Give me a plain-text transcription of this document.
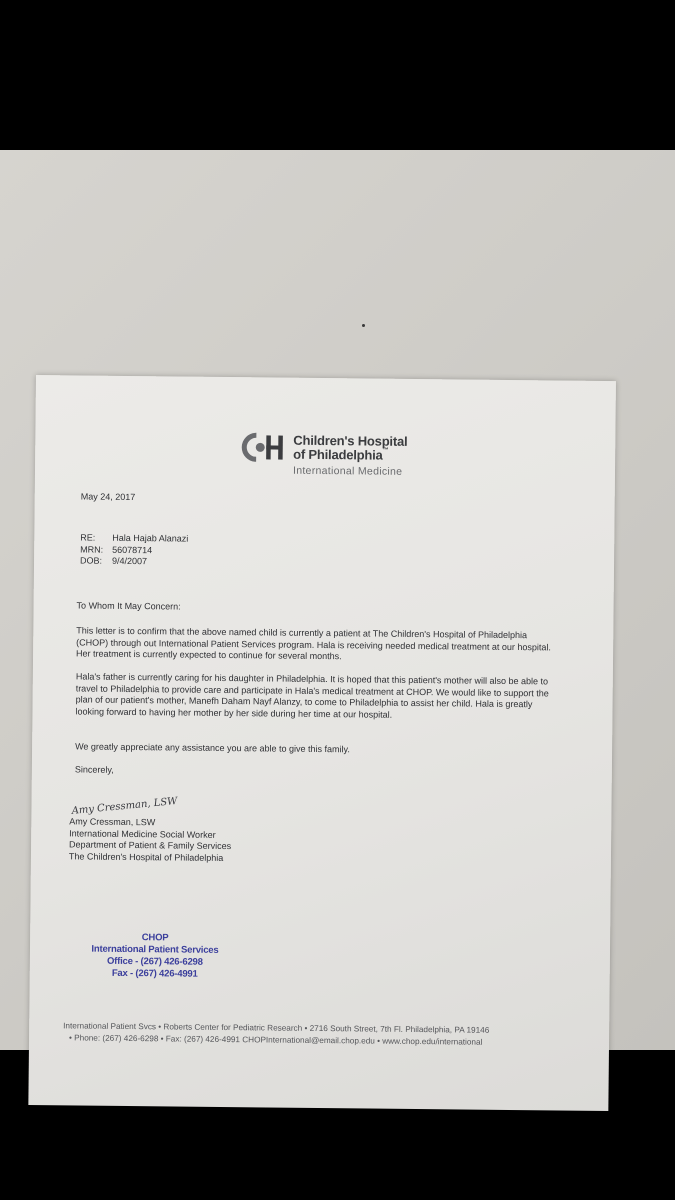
Children's Hospital
of Philadelphia™
International Medicine
May 24, 2017
RE: Hala Hajab Alanazi
MRN: 56078714
DOB: 9/4/2007
To Whom It May Concern:
This letter is to confirm that the above named child is currently a patient at The Children's Hospital of Philadelphia (CHOP) through out International Patient Services program. Hala is receiving needed medical treatment at our hospital. Her treatment is currently expected to continue for several months.
Hala's father is currently caring for his daughter in Philadelphia. It is hoped that this patient's mother will also be able to travel to Philadelphia to provide care and participate in Hala's medical treatment at CHOP. We would like to support the plan of our patient's mother, Manefh Daham Nayf Alanzy, to come to Philadelphia to assist her child. Hala is greatly looking forward to having her mother by her side during her time at our hospital.
We greatly appreciate any assistance you are able to give this family.
Sincerely,
Amy Cressman, LSW
Amy Cressman, LSW
International Medicine Social Worker
Department of Patient & Family Services
The Children's Hospital of Philadelphia
CHOP
International Patient Services
Office - (267) 426-6298
Fax - (267) 426-4991
International Patient Svcs • Roberts Center for Pediatric Research • 2716 South Street, 7th Fl. Philadelphia, PA 19146
• Phone: (267) 426-6298 • Fax: (267) 426-4991 CHOPInternational@email.chop.edu • www.chop.edu/international
